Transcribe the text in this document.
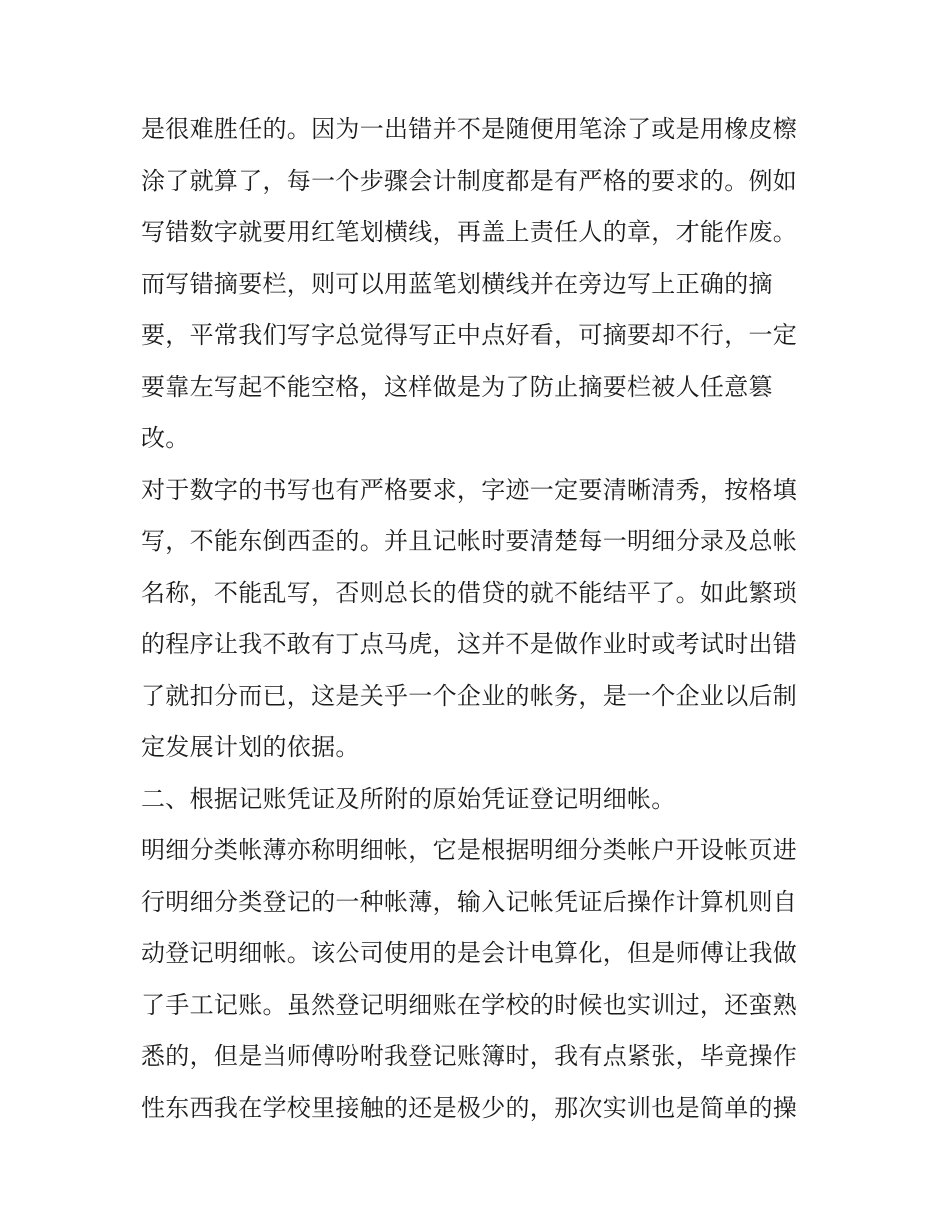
是很难胜任的。因为一出错并不是随便用笔涂了或是用橡皮檫
涂了就算了，每一个步骤会计制度都是有严格的要求的。例如
写错数字就要用红笔划横线，再盖上责任人的章，才能作废。
而写错摘要栏，则可以用蓝笔划横线并在旁边写上正确的摘
要，平常我们写字总觉得写正中点好看，可摘要却不行，一定
要靠左写起不能空格，这样做是为了防止摘要栏被人任意篡
改。
对于数字的书写也有严格要求，字迹一定要清晰清秀，按格填
写，不能东倒西歪的。并且记帐时要清楚每一明细分录及总帐
名称，不能乱写，否则总长的借贷的就不能结平了。如此繁琐
的程序让我不敢有丁点马虎，这并不是做作业时或考试时出错
了就扣分而已，这是关乎一个企业的帐务，是一个企业以后制
定发展计划的依据。
二、根据记账凭证及所附的原始凭证登记明细帐。
明细分类帐薄亦称明细帐，它是根据明细分类帐户开设帐页进
行明细分类登记的一种帐薄，输入记帐凭证后操作计算机则自
动登记明细帐。该公司使用的是会计电算化，但是师傅让我做
了手工记账。虽然登记明细账在学校的时候也实训过，还蛮熟
悉的，但是当师傅吩咐我登记账簿时，我有点紧张，毕竟操作
性东西我在学校里接触的还是极少的，那次实训也是简单的操
